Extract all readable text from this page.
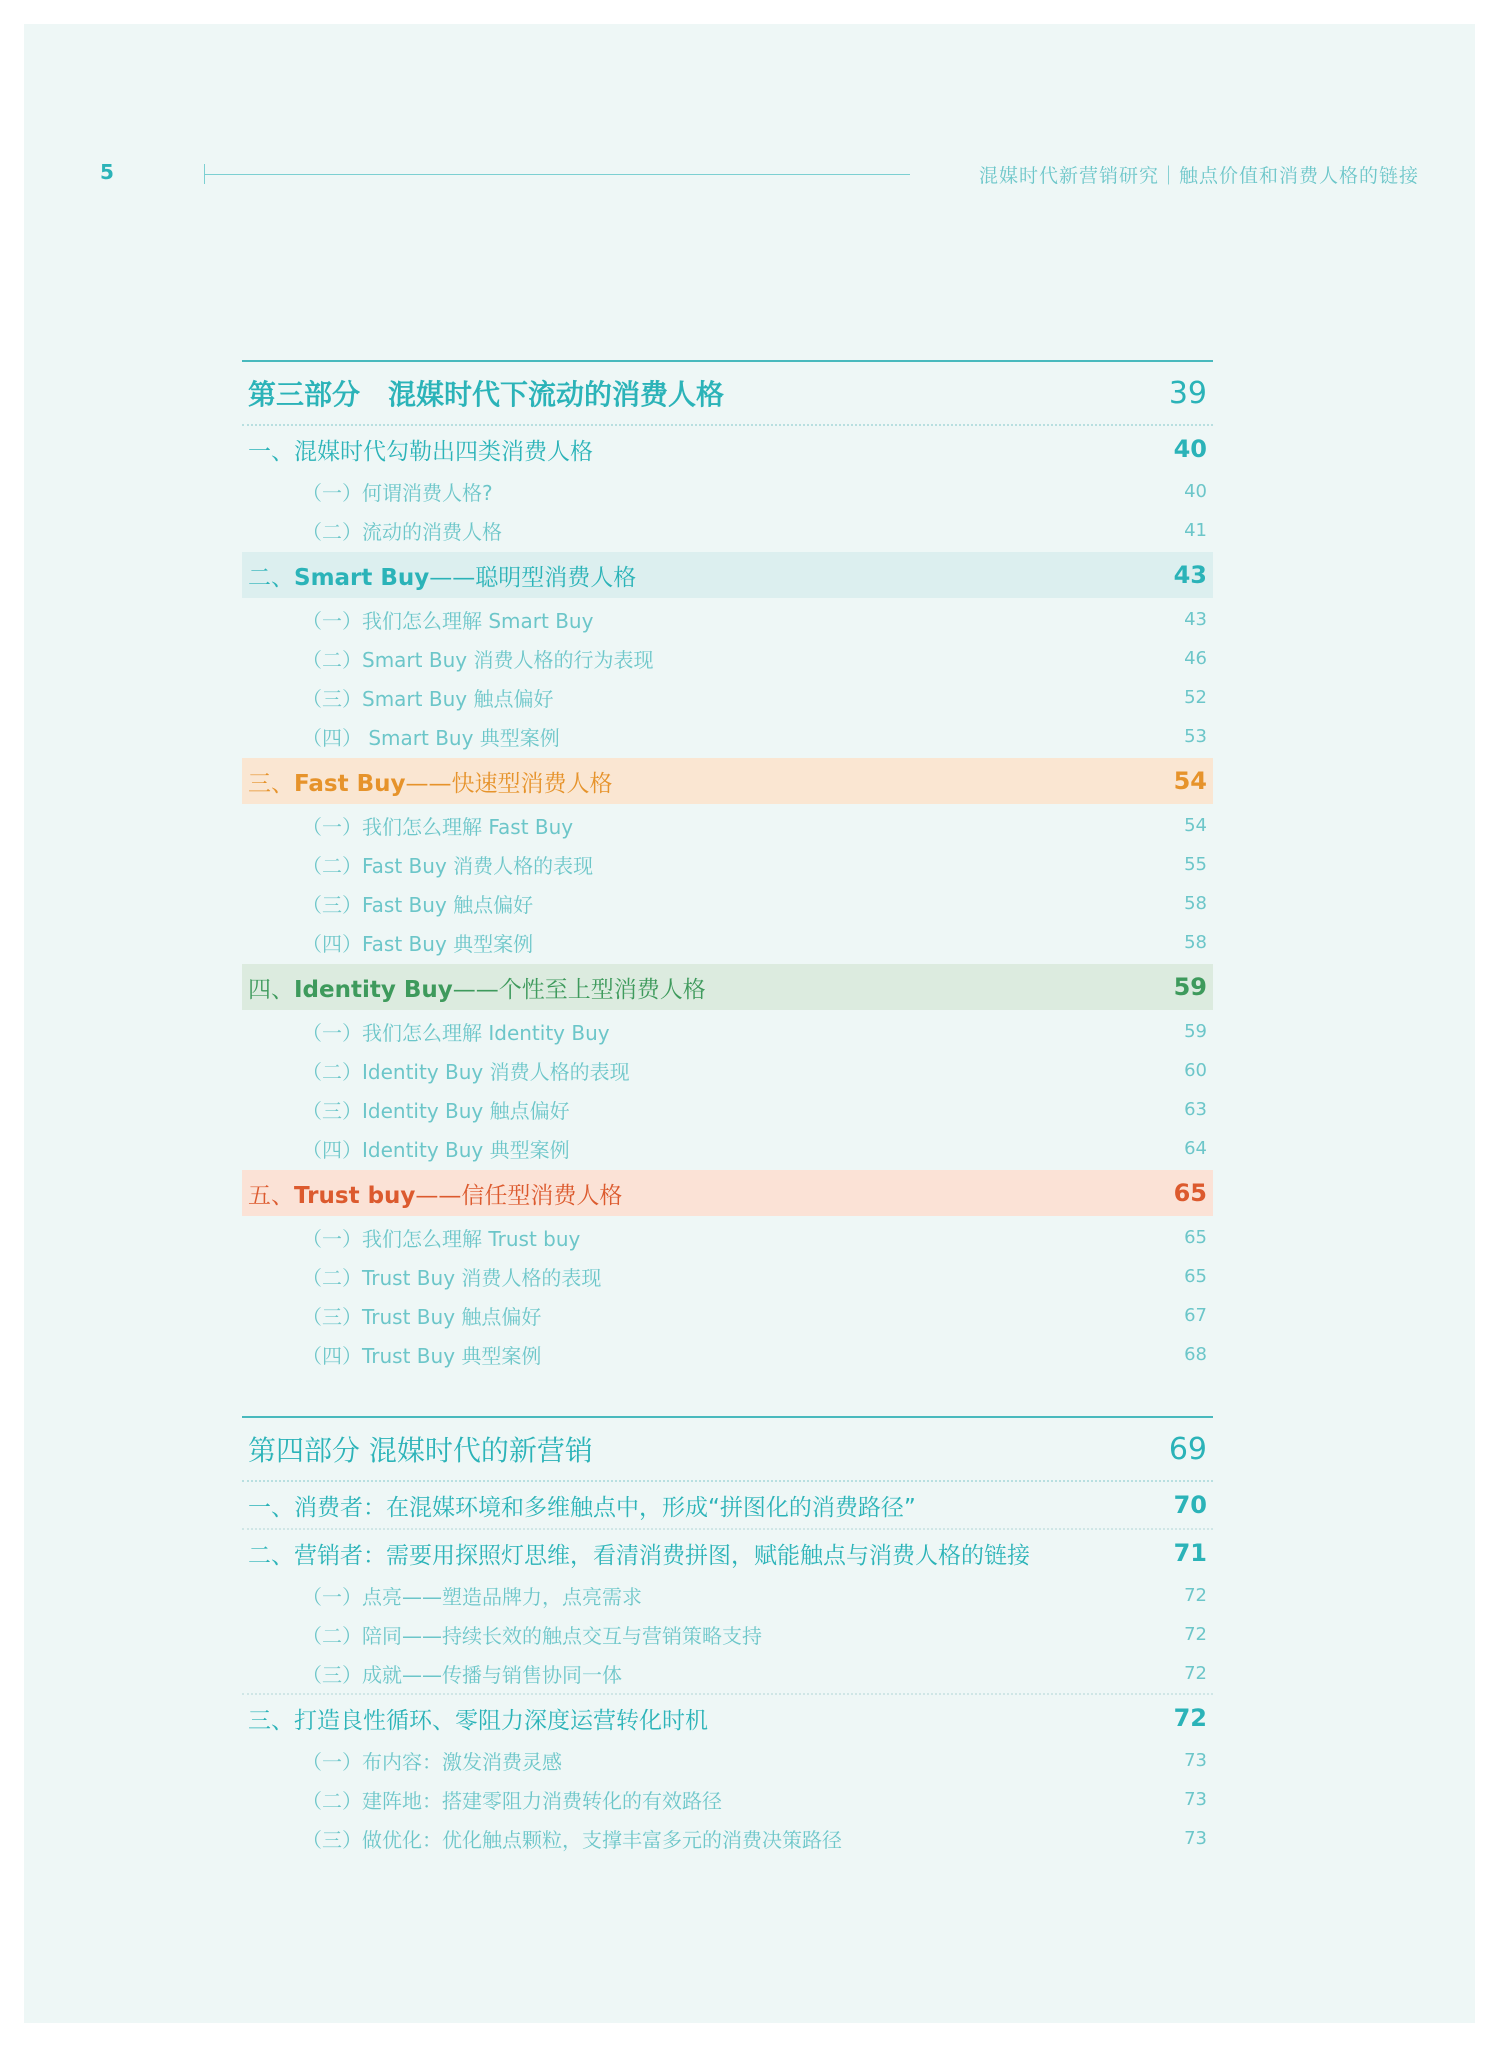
5	混媒时代新营销研究｜触点价值和消费人格的链接
第三部分　混媒时代下流动的消费人格	39
一、混媒时代勾勒出四类消费人格	40
（一）何谓消费人格?	40
（二）流动的消费人格	41
二、Smart Buy——聪明型消费人格	43
（一）我们怎么理解 Smart Buy	43
（二）Smart Buy 消费人格的行为表现	46
（三）Smart Buy 触点偏好	52
（四） Smart Buy 典型案例	53
三、Fast Buy——快速型消费人格	54
（一）我们怎么理解 Fast Buy	54
（二）Fast Buy 消费人格的表现	55
（三）Fast Buy 触点偏好	58
（四）Fast Buy 典型案例	58
四、Identity Buy——个性至上型消费人格	59
（一）我们怎么理解 Identity Buy	59
（二）Identity Buy 消费人格的表现	60
（三）Identity Buy 触点偏好	63
（四）Identity Buy 典型案例	64
五、Trust buy——信任型消费人格	65
（一）我们怎么理解 Trust buy	65
（二）Trust Buy 消费人格的表现	65
（三）Trust Buy 触点偏好	67
（四）Trust Buy 典型案例	68
第四部分 混媒时代的新营销	69
一、消费者：在混媒环境和多维触点中，形成“拼图化的消费路径”	70
二、营销者：需要用探照灯思维，看清消费拼图，赋能触点与消费人格的链接	71
（一）点亮——塑造品牌力，点亮需求	72
（二）陪同——持续长效的触点交互与营销策略支持	72
（三）成就——传播与销售协同一体	72
三、打造良性循环、零阻力深度运营转化时机	72
（一）布内容：激发消费灵感	73
（二）建阵地：搭建零阻力消费转化的有效路径	73
（三）做优化：优化触点颗粒，支撑丰富多元的消费决策路径	73
